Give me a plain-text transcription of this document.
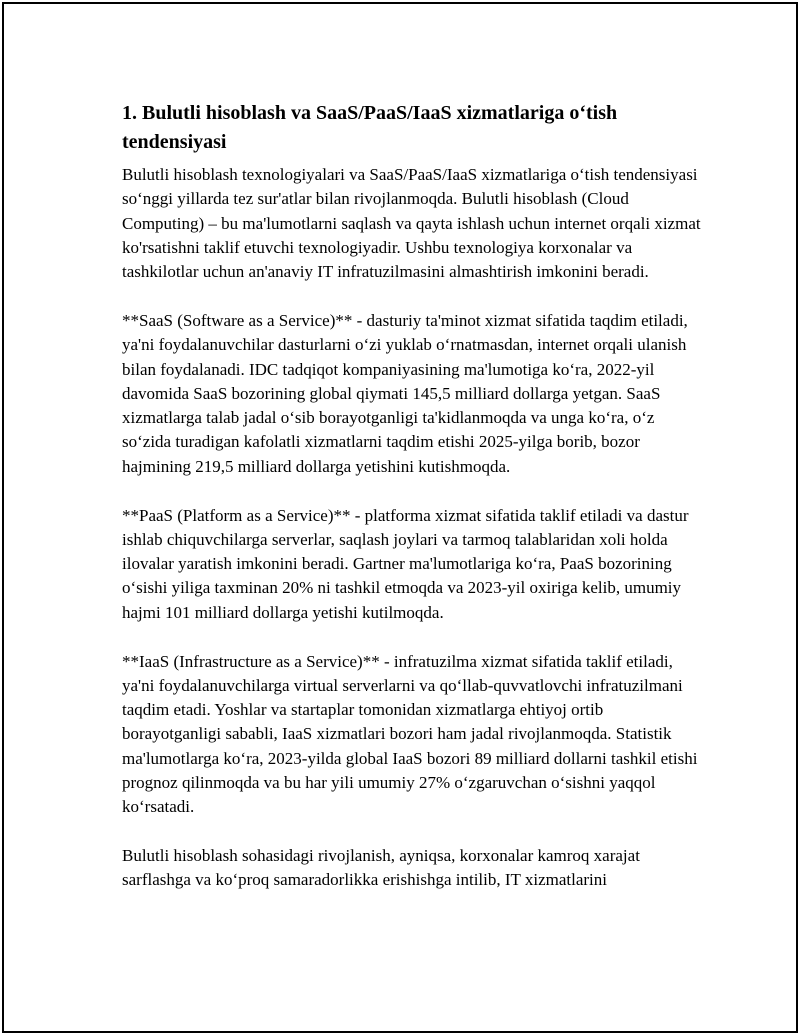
1. Bulutli hisoblash va SaaS/PaaS/IaaS xizmatlariga oʻtish tendensiyasi

Bulutli hisoblash texnologiyalari va SaaS/PaaS/IaaS xizmatlariga oʻtish tendensiyasi soʻnggi yillarda tez sur'atlar bilan rivojlanmoqda. Bulutli hisoblash (Cloud Computing) – bu ma'lumotlarni saqlash va qayta ishlash uchun internet orqali xizmat ko'rsatishni taklif etuvchi texnologiyadir. Ushbu texnologiya korxonalar va tashkilotlar uchun an'anaviy IT infratuzilmasini almashtirish imkonini beradi.

**SaaS (Software as a Service)** - dasturiy ta'minot xizmat sifatida taqdim etiladi, ya'ni foydalanuvchilar dasturlarni oʻzi yuklab oʻrnatmasdan, internet orqali ulanish bilan foydalanadi. IDC tadqiqot kompaniyasining ma'lumotiga koʻra, 2022-yil davomida SaaS bozorining global qiymati 145,5 milliard dollarga yetgan. SaaS xizmatlarga talab jadal oʻsib borayotganligi ta'kidlanmoqda va unga koʻra, oʻz soʻzida turadigan kafolatli xizmatlarni taqdim etishi 2025-yilga borib, bozor hajmining 219,5 milliard dollarga yetishini kutishmoqda.

**PaaS (Platform as a Service)** - platforma xizmat sifatida taklif etiladi va dastur ishlab chiquvchilarga serverlar, saqlash joylari va tarmoq talablaridan xoli holda ilovalar yaratish imkonini beradi. Gartner ma'lumotlariga koʻra, PaaS bozorining oʻsishi yiliga taxminan 20% ni tashkil etmoqda va 2023-yil oxiriga kelib, umumiy hajmi 101 milliard dollarga yetishi kutilmoqda.

**IaaS (Infrastructure as a Service)** - infratuzilma xizmat sifatida taklif etiladi, ya'ni foydalanuvchilarga virtual serverlarni va qoʻllab-quvvatlovchi infratuzilmani taqdim etadi. Yoshlar va startaplar tomonidan xizmatlarga ehtiyoj ortib borayotganligi sababli, IaaS xizmatlari bozori ham jadal rivojlanmoqda. Statistik ma'lumotlarga koʻra, 2023-yilda global IaaS bozori 89 milliard dollarni tashkil etishi prognoz qilinmoqda va bu har yili umumiy 27% oʻzgaruvchan oʻsishni yaqqol koʻrsatadi.

Bulutli hisoblash sohasidagi rivojlanish, ayniqsa, korxonalar kamroq xarajat sarflashga va koʻproq samaradorlikka erishishga intilib, IT xizmatlarini
